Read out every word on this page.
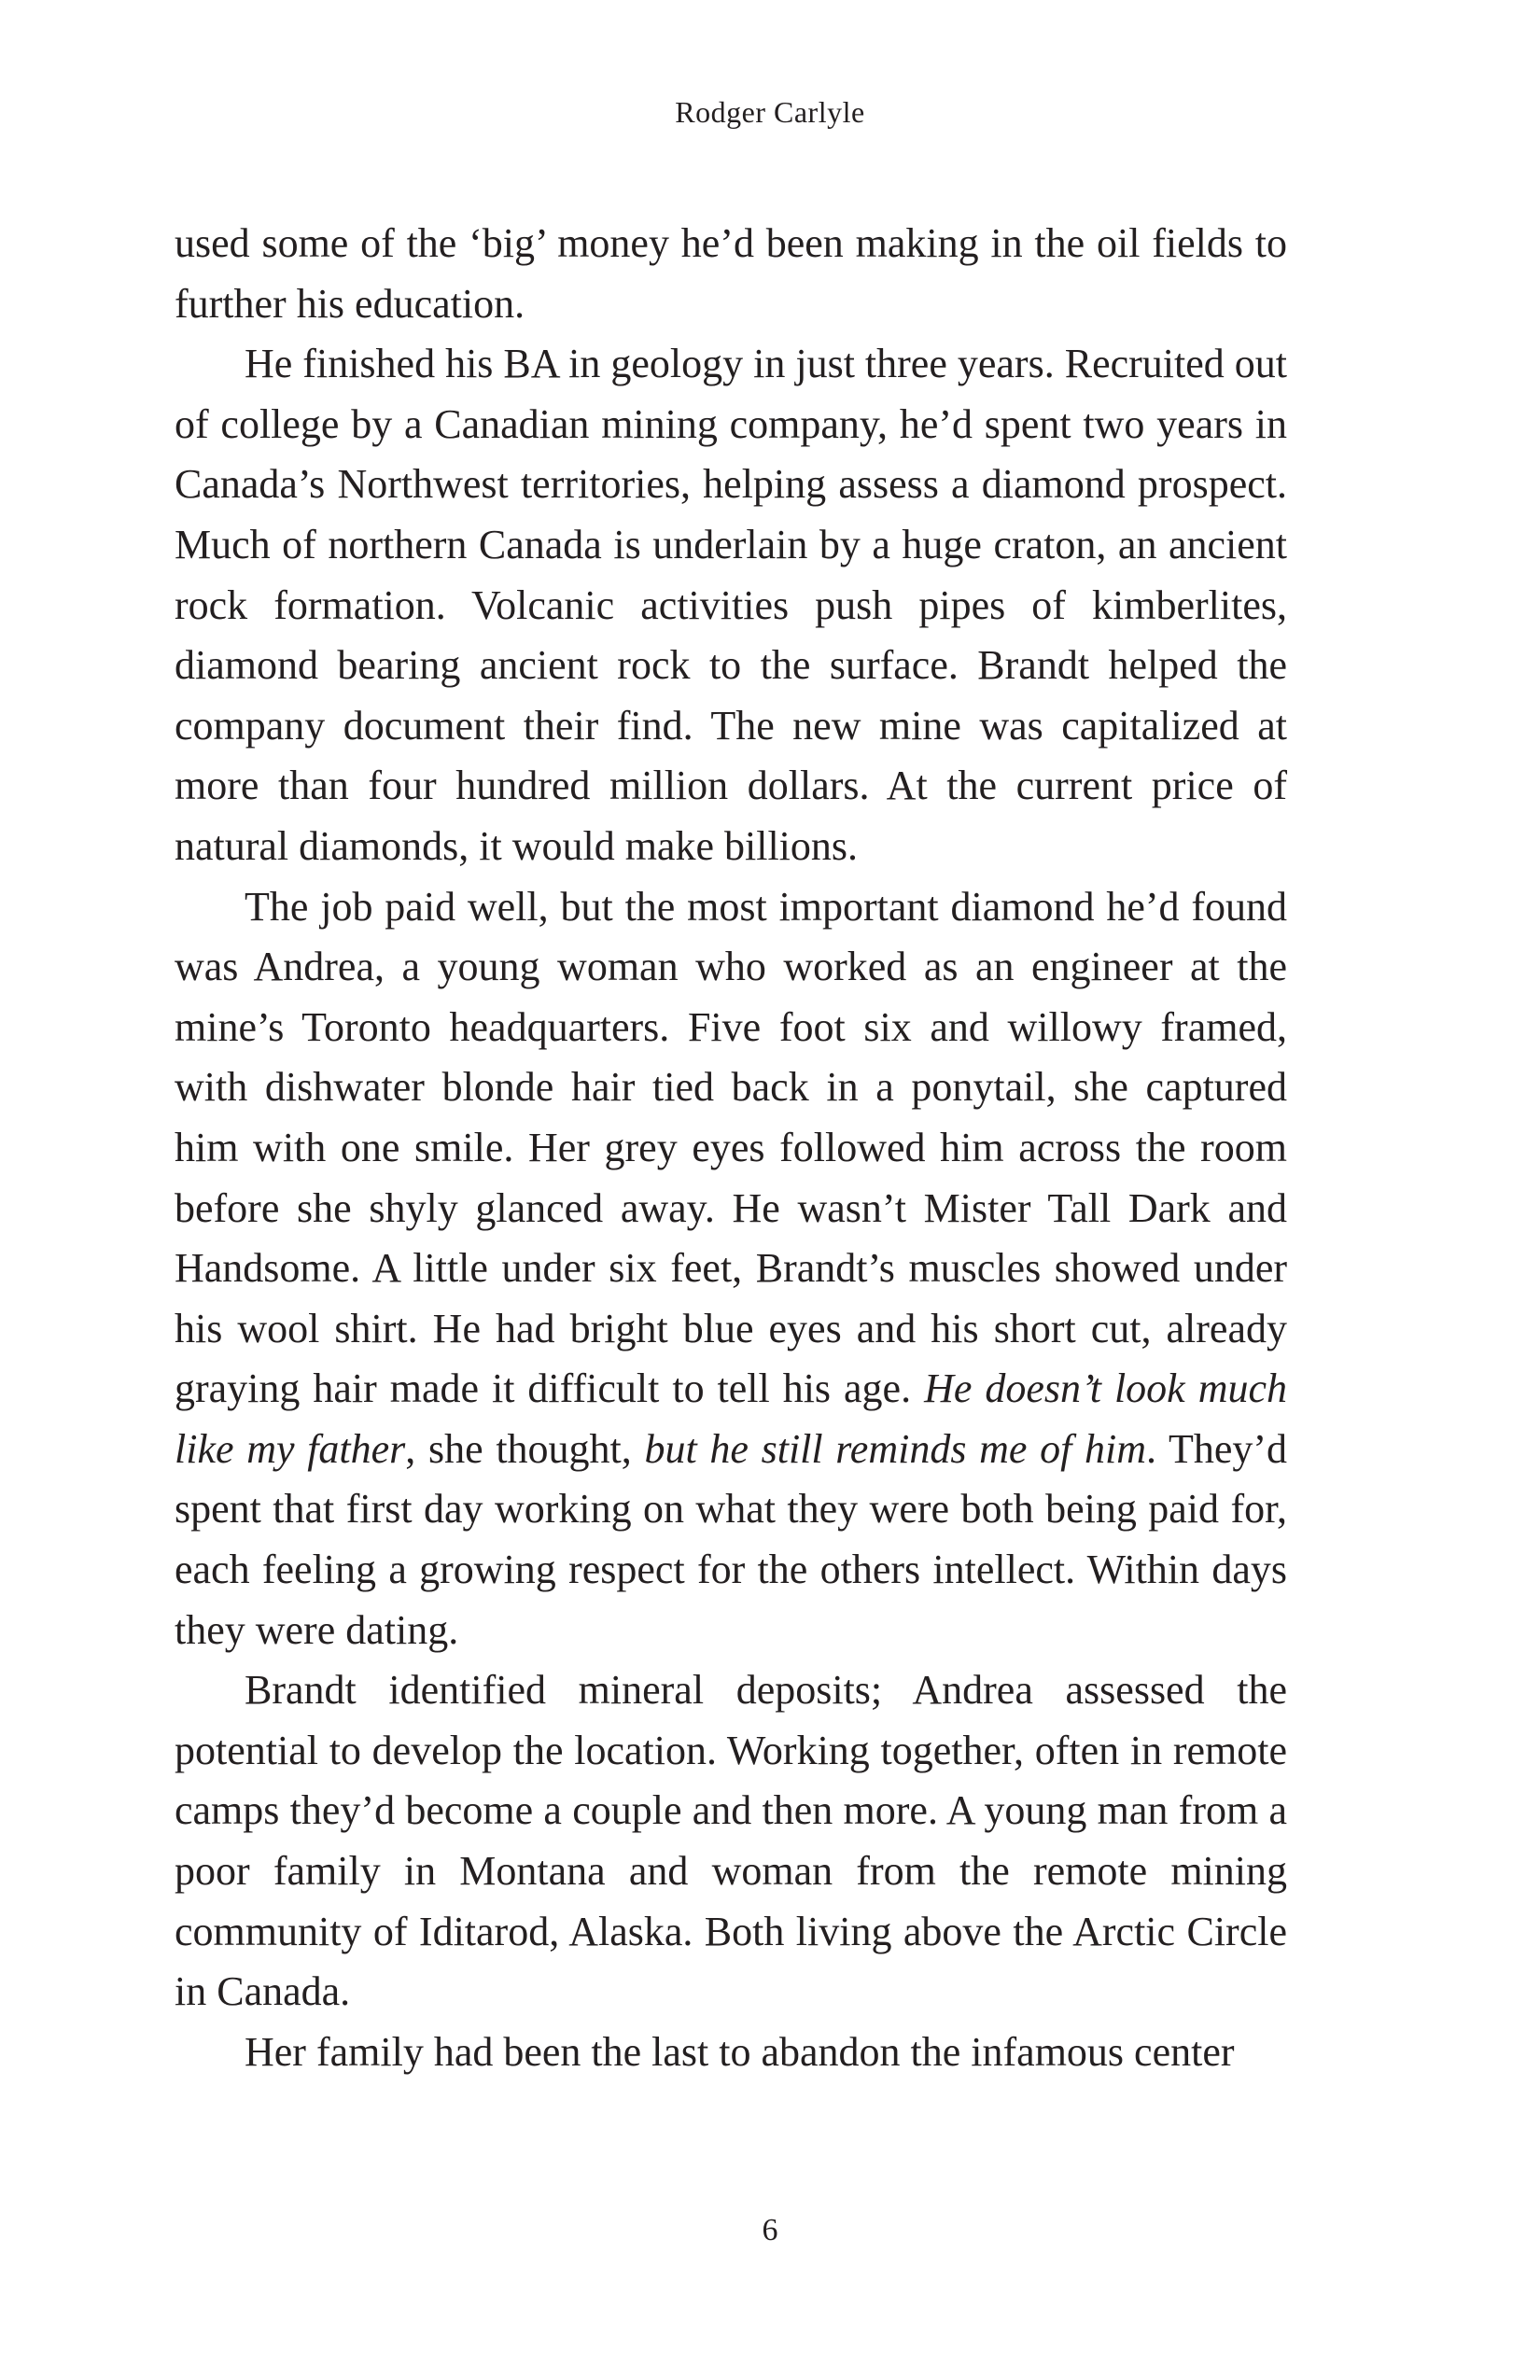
Rodger Carlyle

used some of the ‘big’ money he’d been making in the oil fields to further his education.

He finished his BA in geology in just three years. Recruited out of college by a Canadian mining company, he’d spent two years in Canada’s Northwest territories, helping assess a diamond prospect. Much of northern Canada is underlain by a huge craton, an ancient rock formation. Volcanic activities push pipes of kimberlites, diamond bearing ancient rock to the surface. Brandt helped the company document their find. The new mine was capitalized at more than four hundred million dollars. At the current price of natural diamonds, it would make billions.

The job paid well, but the most important diamond he’d found was Andrea, a young woman who worked as an engineer at the mine’s Toronto headquarters. Five foot six and willowy framed, with dishwater blonde hair tied back in a ponytail, she captured him with one smile. Her grey eyes followed him across the room before she shyly glanced away. He wasn’t Mister Tall Dark and Handsome. A little under six feet, Brandt’s muscles showed under his wool shirt. He had bright blue eyes and his short cut, already graying hair made it difficult to tell his age. He doesn’t look much like my father, she thought, but he still reminds me of him. They’d spent that first day working on what they were both being paid for, each feeling a growing respect for the others intellect. Within days they were dating.

Brandt identified mineral deposits; Andrea assessed the potential to develop the location. Working together, often in remote camps they’d become a couple and then more. A young man from a poor family in Montana and woman from the remote mining community of Iditarod, Alaska. Both living above the Arctic Circle in Canada.

Her family had been the last to abandon the infamous center

6
